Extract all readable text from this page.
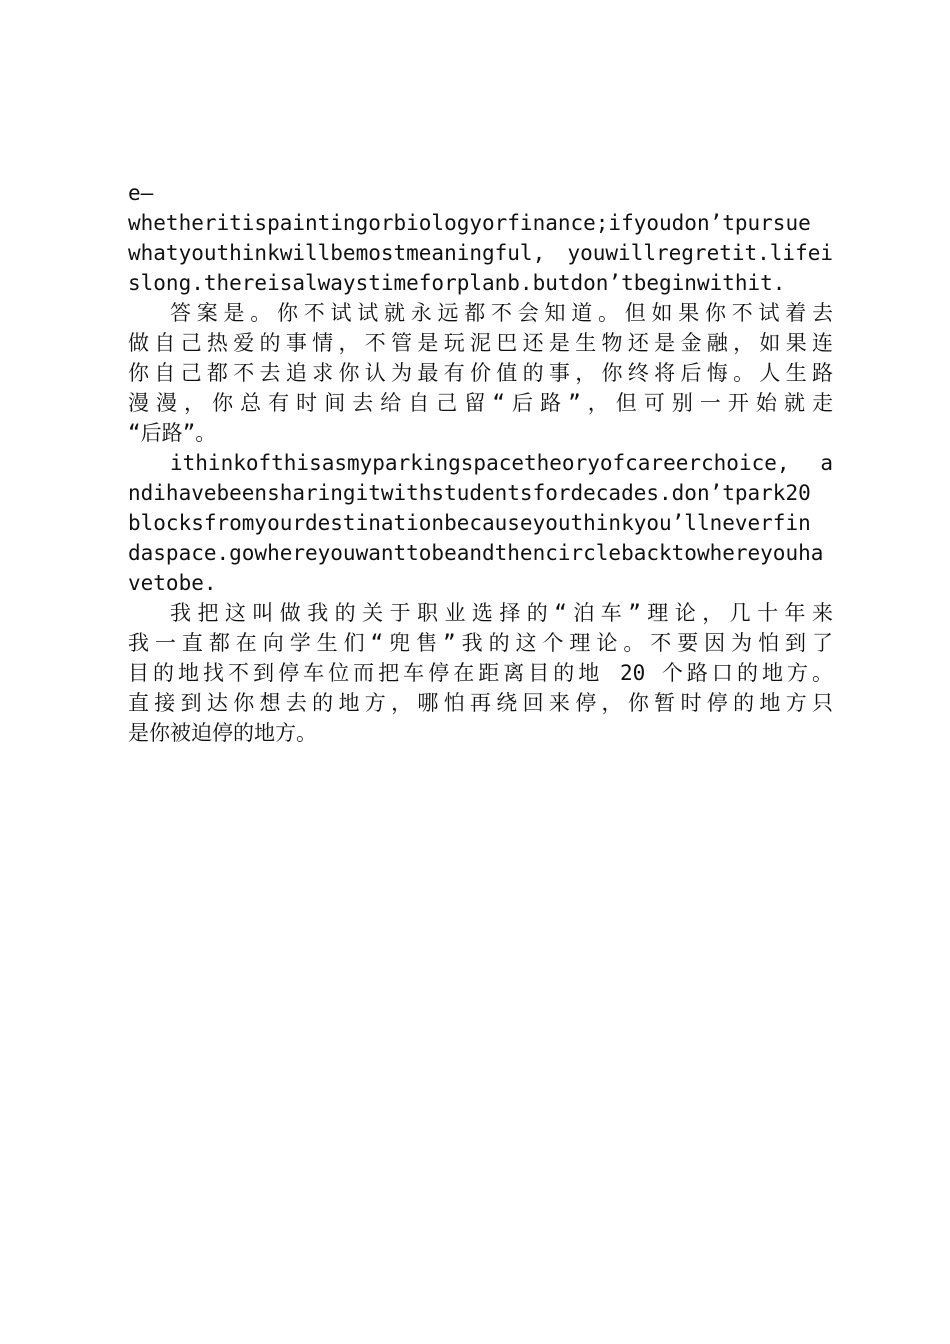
e—
whetheritispaintingorbiologyorfinance;ifyoudon’tpursue
whatyouthinkwillbemostmeaningful, youwillregretit.lifei
slong.thereisalwaystimeforplanb.butdon’tbeginwithit.
答案是。你不试试就永远都不会知道。但如果你不试着去
做自己热爱的事情，不管是玩泥巴还是生物还是金融，如果连
你自己都不去追求你认为最有价值的事，你终将后悔。人生路
漫漫，你总有时间去给自己留“后路”，但可别一开始就走
“后路”。
ithinkofthisasmyparkingspacetheoryofcareerchoice, a
ndihavebeensharingitwithstudentsfordecades.don’tpark20
blocksfromyourdestinationbecauseyouthinkyou’llneverfin
daspace.gowhereyouwanttobeandthencirclebacktowhereyouha
vetobe.
我把这叫做我的关于职业选择的“泊车”理论，几十年来
我一直都在向学生们“兜售”我的这个理论。不要因为怕到了
目的地找不到停车位而把车停在距离目的地 20 个路口的地方。
直接到达你想去的地方，哪怕再绕回来停，你暂时停的地方只
是你被迫停的地方。
